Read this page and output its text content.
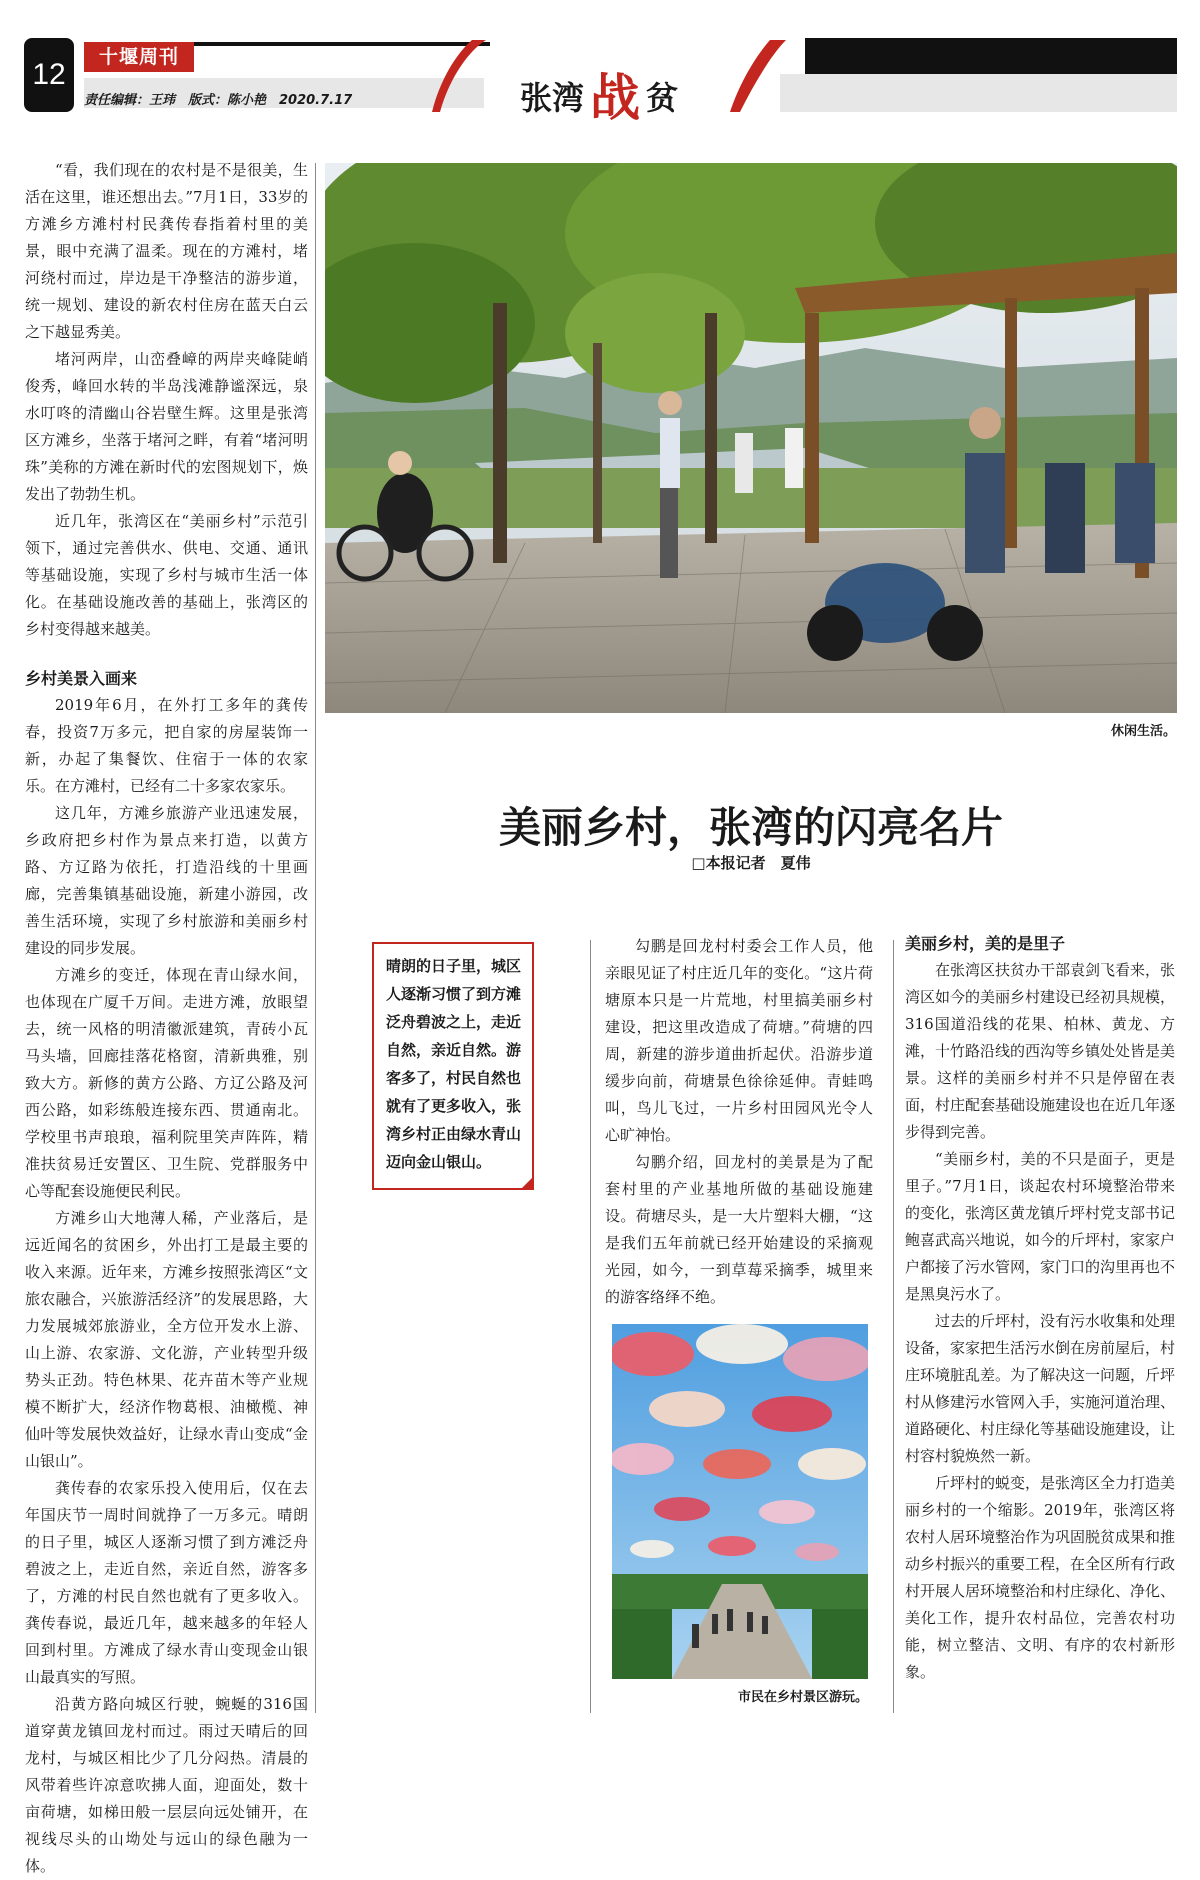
12
十堰周刊
责任编辑：王玮　版式：陈小艳　2020.7.17	张湾 战 贫

“看，我们现在的农村是不是很美，生活在这里，谁还想出去。”7月1日，33岁的方滩乡方滩村村民龚传春指着村里的美景，眼中充满了温柔。现在的方滩村，堵河绕村而过，岸边是干净整洁的游步道，统一规划、建设的新农村住房在蓝天白云之下越显秀美。

堵河两岸，山峦叠嶂的两岸夹峰陡峭俊秀，峰回水转的半岛浅滩静谧深远，泉水叮咚的清幽山谷岩壁生辉。这里是张湾区方滩乡，坐落于堵河之畔，有着“堵河明珠”美称的方滩在新时代的宏图规划下，焕发出了勃勃生机。

近几年，张湾区在“美丽乡村”示范引领下，通过完善供水、供电、交通、通讯等基础设施，实现了乡村与城市生活一体化。在基础设施改善的基础上，张湾区的乡村变得越来越美。

乡村美景入画来

2019年6月，在外打工多年的龚传春，投资7万多元，把自家的房屋装饰一新，办起了集餐饮、住宿于一体的农家乐。在方滩村，已经有二十多家农家乐。

这几年，方滩乡旅游产业迅速发展，乡政府把乡村作为景点来打造，以黄方路、方辽路为依托，打造沿线的十里画廊，完善集镇基础设施，新建小游园，改善生活环境，实现了乡村旅游和美丽乡村建设的同步发展。

方滩乡的变迁，体现在青山绿水间，也体现在广厦千万间。走进方滩，放眼望去，统一风格的明清徽派建筑，青砖小瓦马头墙，回廊挂落花格窗，清新典雅，别致大方。新修的黄方公路、方辽公路及河西公路，如彩练般连接东西、贯通南北。学校里书声琅琅，福利院里笑声阵阵，精准扶贫易迁安置区、卫生院、党群服务中心等配套设施便民利民。

方滩乡山大地薄人稀，产业落后，是远近闻名的贫困乡，外出打工是最主要的收入来源。近年来，方滩乡按照张湾区“文旅农融合，兴旅游活经济”的发展思路，大力发展城郊旅游业，全方位开发水上游、山上游、农家游、文化游，产业转型升级势头正劲。特色林果、花卉苗木等产业规模不断扩大，经济作物葛根、油橄榄、神仙叶等发展快效益好，让绿水青山变成“金山银山”。

龚传春的农家乐投入使用后，仅在去年国庆节一周时间就挣了一万多元。晴朗的日子里，城区人逐渐习惯了到方滩泛舟碧波之上，走近自然，亲近自然，游客多了，方滩的村民自然也就有了更多收入。龚传春说，最近几年，越来越多的年轻人回到村里。方滩成了绿水青山变现金山银山最真实的写照。

沿黄方路向城区行驶，蜿蜒的316国道穿黄龙镇回龙村而过。雨过天晴后的回龙村，与城区相比少了几分闷热。清晨的风带着些许凉意吹拂人面，迎面处，数十亩荷塘，如梯田般一层层向远处铺开，在视线尽头的山坳处与远山的绿色融为一体。

休闲生活。
美丽乡村，张湾的闪亮名片
□本报记者　夏伟
晴朗的日子里，城区人逐渐习惯了到方滩泛舟碧波之上，走近自然，亲近自然。游客多了，村民自然也就有了更多收入，张湾乡村正由绿水青山迈向金山银山。

勾鹏是回龙村村委会工作人员，他亲眼见证了村庄近几年的变化。“这片荷塘原本只是一片荒地，村里搞美丽乡村建设，把这里改造成了荷塘。”荷塘的四周，新建的游步道曲折起伏。沿游步道缓步向前，荷塘景色徐徐延伸。青蛙鸣叫，鸟儿飞过，一片乡村田园风光令人心旷神怡。

勾鹏介绍，回龙村的美景是为了配套村里的产业基地所做的基础设施建设。荷塘尽头，是一大片塑料大棚，“这是我们五年前就已经开始建设的采摘观光园，如今，一到草莓采摘季，城里来的游客络绎不绝。

市民在乡村景区游玩。
美丽乡村，美的是里子

在张湾区扶贫办干部袁剑飞看来，张湾区如今的美丽乡村建设已经初具规模，316国道沿线的花果、柏林、黄龙、方滩，十竹路沿线的西沟等乡镇处处皆是美景。这样的美丽乡村并不只是停留在表面，村庄配套基础设施建设也在近几年逐步得到完善。

“美丽乡村，美的不只是面子，更是里子。”7月1日，谈起农村环境整治带来的变化，张湾区黄龙镇斤坪村党支部书记鲍喜武高兴地说，如今的斤坪村，家家户户都接了污水管网，家门口的沟里再也不是黑臭污水了。

过去的斤坪村，没有污水收集和处理设备，家家把生活污水倒在房前屋后，村庄环境脏乱差。为了解决这一问题，斤坪村从修建污水管网入手，实施河道治理、道路硬化、村庄绿化等基础设施建设，让村容村貌焕然一新。

斤坪村的蜕变，是张湾区全力打造美丽乡村的一个缩影。2019年，张湾区将农村人居环境整治作为巩固脱贫成果和推动乡村振兴的重要工程，在全区所有行政村开展人居环境整治和村庄绿化、净化、美化工作，提升农村品位，完善农村功能，树立整洁、文明、有序的农村新形象。
